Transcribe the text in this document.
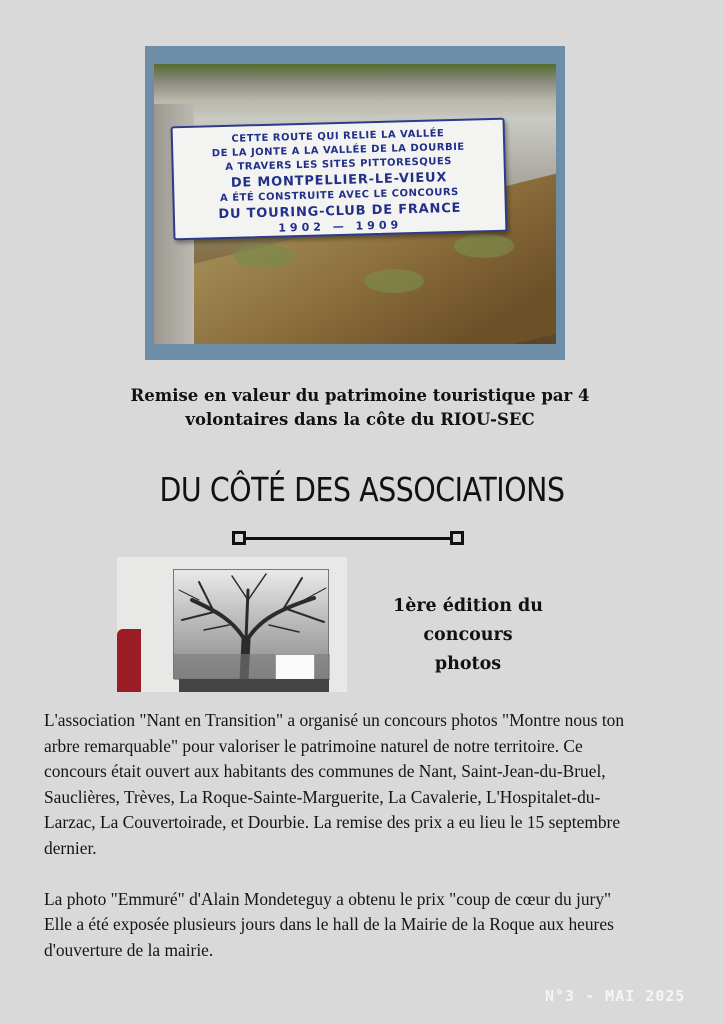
CETTE ROUTE QUI RELIE LA VALLÉE
DE LA JONTE A LA VALLÉE DE LA DOURBIE
A TRAVERS LES SITES PITTORESQUES
DE MONTPELLIER-LE-VIEUX
A ÉTÉ CONSTRUITE AVEC LE CONCOURS
DU TOURING-CLUB DE FRANCE
1902 — 1909
Remise en valeur du patrimoine touristique par 4
volontaires dans la côte du RIOU-SEC
DU CÔTÉ DES ASSOCIATIONS
1ère édition du
concours
photos

L'association "Nant en Transition" a organisé un concours photos "Montre nous ton arbre remarquable" pour valoriser le patrimoine naturel de notre territoire. Ce concours était ouvert aux habitants des communes de Nant, Saint-Jean-du-Bruel, Sauclières, Trèves, La Roque-Sainte-Marguerite, La Cavalerie, L'Hospitalet-du-Larzac, La Couvertoirade, et Dourbie. La remise des prix a eu lieu le 15 septembre dernier.

La photo "Emmuré" d'Alain Mondeteguy a obtenu le prix "coup de cœur du jury"
Elle a été exposée plusieurs jours dans le hall de la Mairie de la Roque aux heures d'ouverture de la mairie.

N°3 - MAI 2025
